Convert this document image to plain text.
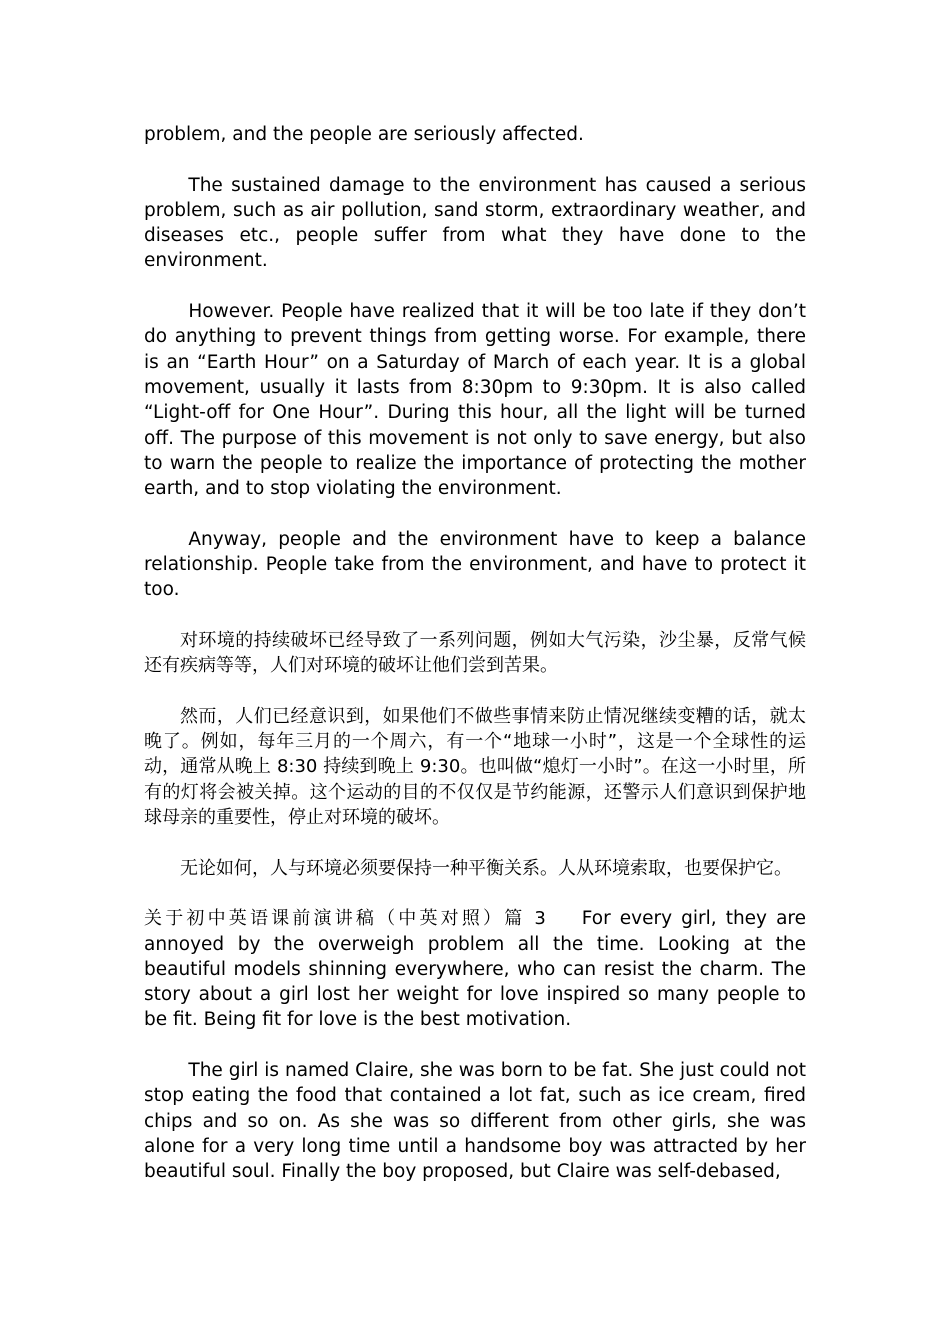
problem, and the people are seriously affected.

The sustained damage to the environment has caused a serious problem, such as air pollution, sand storm, extraordinary weather, and diseases etc., people suffer from what they have done to the environment.

However. People have realized that it will be too late if they don’t do anything to prevent things from getting worse. For example, there is an “Earth Hour” on a Saturday of March of each year. It is a global movement, usually it lasts from 8:30pm to 9:30pm. It is also called “Light-off for One Hour”. During this hour, all the light will be turned off. The purpose of this movement is not only to save energy, but also to warn the people to realize the importance of protecting the mother earth, and to stop violating the environment.

Anyway, people and the environment have to keep a balance relationship. People take from the environment, and have to protect it too.

对环境的持续破坏已经导致了一系列问题，例如大气污染，沙尘暴，反常气候还有疾病等等，人们对环境的破坏让他们尝到苦果。

然而，人们已经意识到，如果他们不做些事情来防止情况继续变糟的话，就太晚了。例如，每年三月的一个周六，有一个“地球一小时”，这是一个全球性的运动，通常从晚上 8:30 持续到晚上 9:30。也叫做“熄灯一小时”。在这一小时里，所有的灯将会被关掉。这个运动的目的不仅仅是节约能源，还警示人们意识到保护地球母亲的重要性，停止对环境的破坏。

无论如何，人与环境必须要保持一种平衡关系。人从环境索取，也要保护它。

关于初中英语课前演讲稿（中英对照）篇 3 For every girl, they are annoyed by the overweigh problem all the time. Looking at the beautiful models shinning everywhere, who can resist the charm. The story about a girl lost her weight for love inspired so many people to be fit. Being fit for love is the best motivation.

The girl is named Claire, she was born to be fat. She just could not stop eating the food that contained a lot fat, such as ice cream, fired chips and so on. As she was so different from other girls, she was alone for a very long time until a handsome boy was attracted by her beautiful soul. Finally the boy proposed, but Claire was self-debased,
